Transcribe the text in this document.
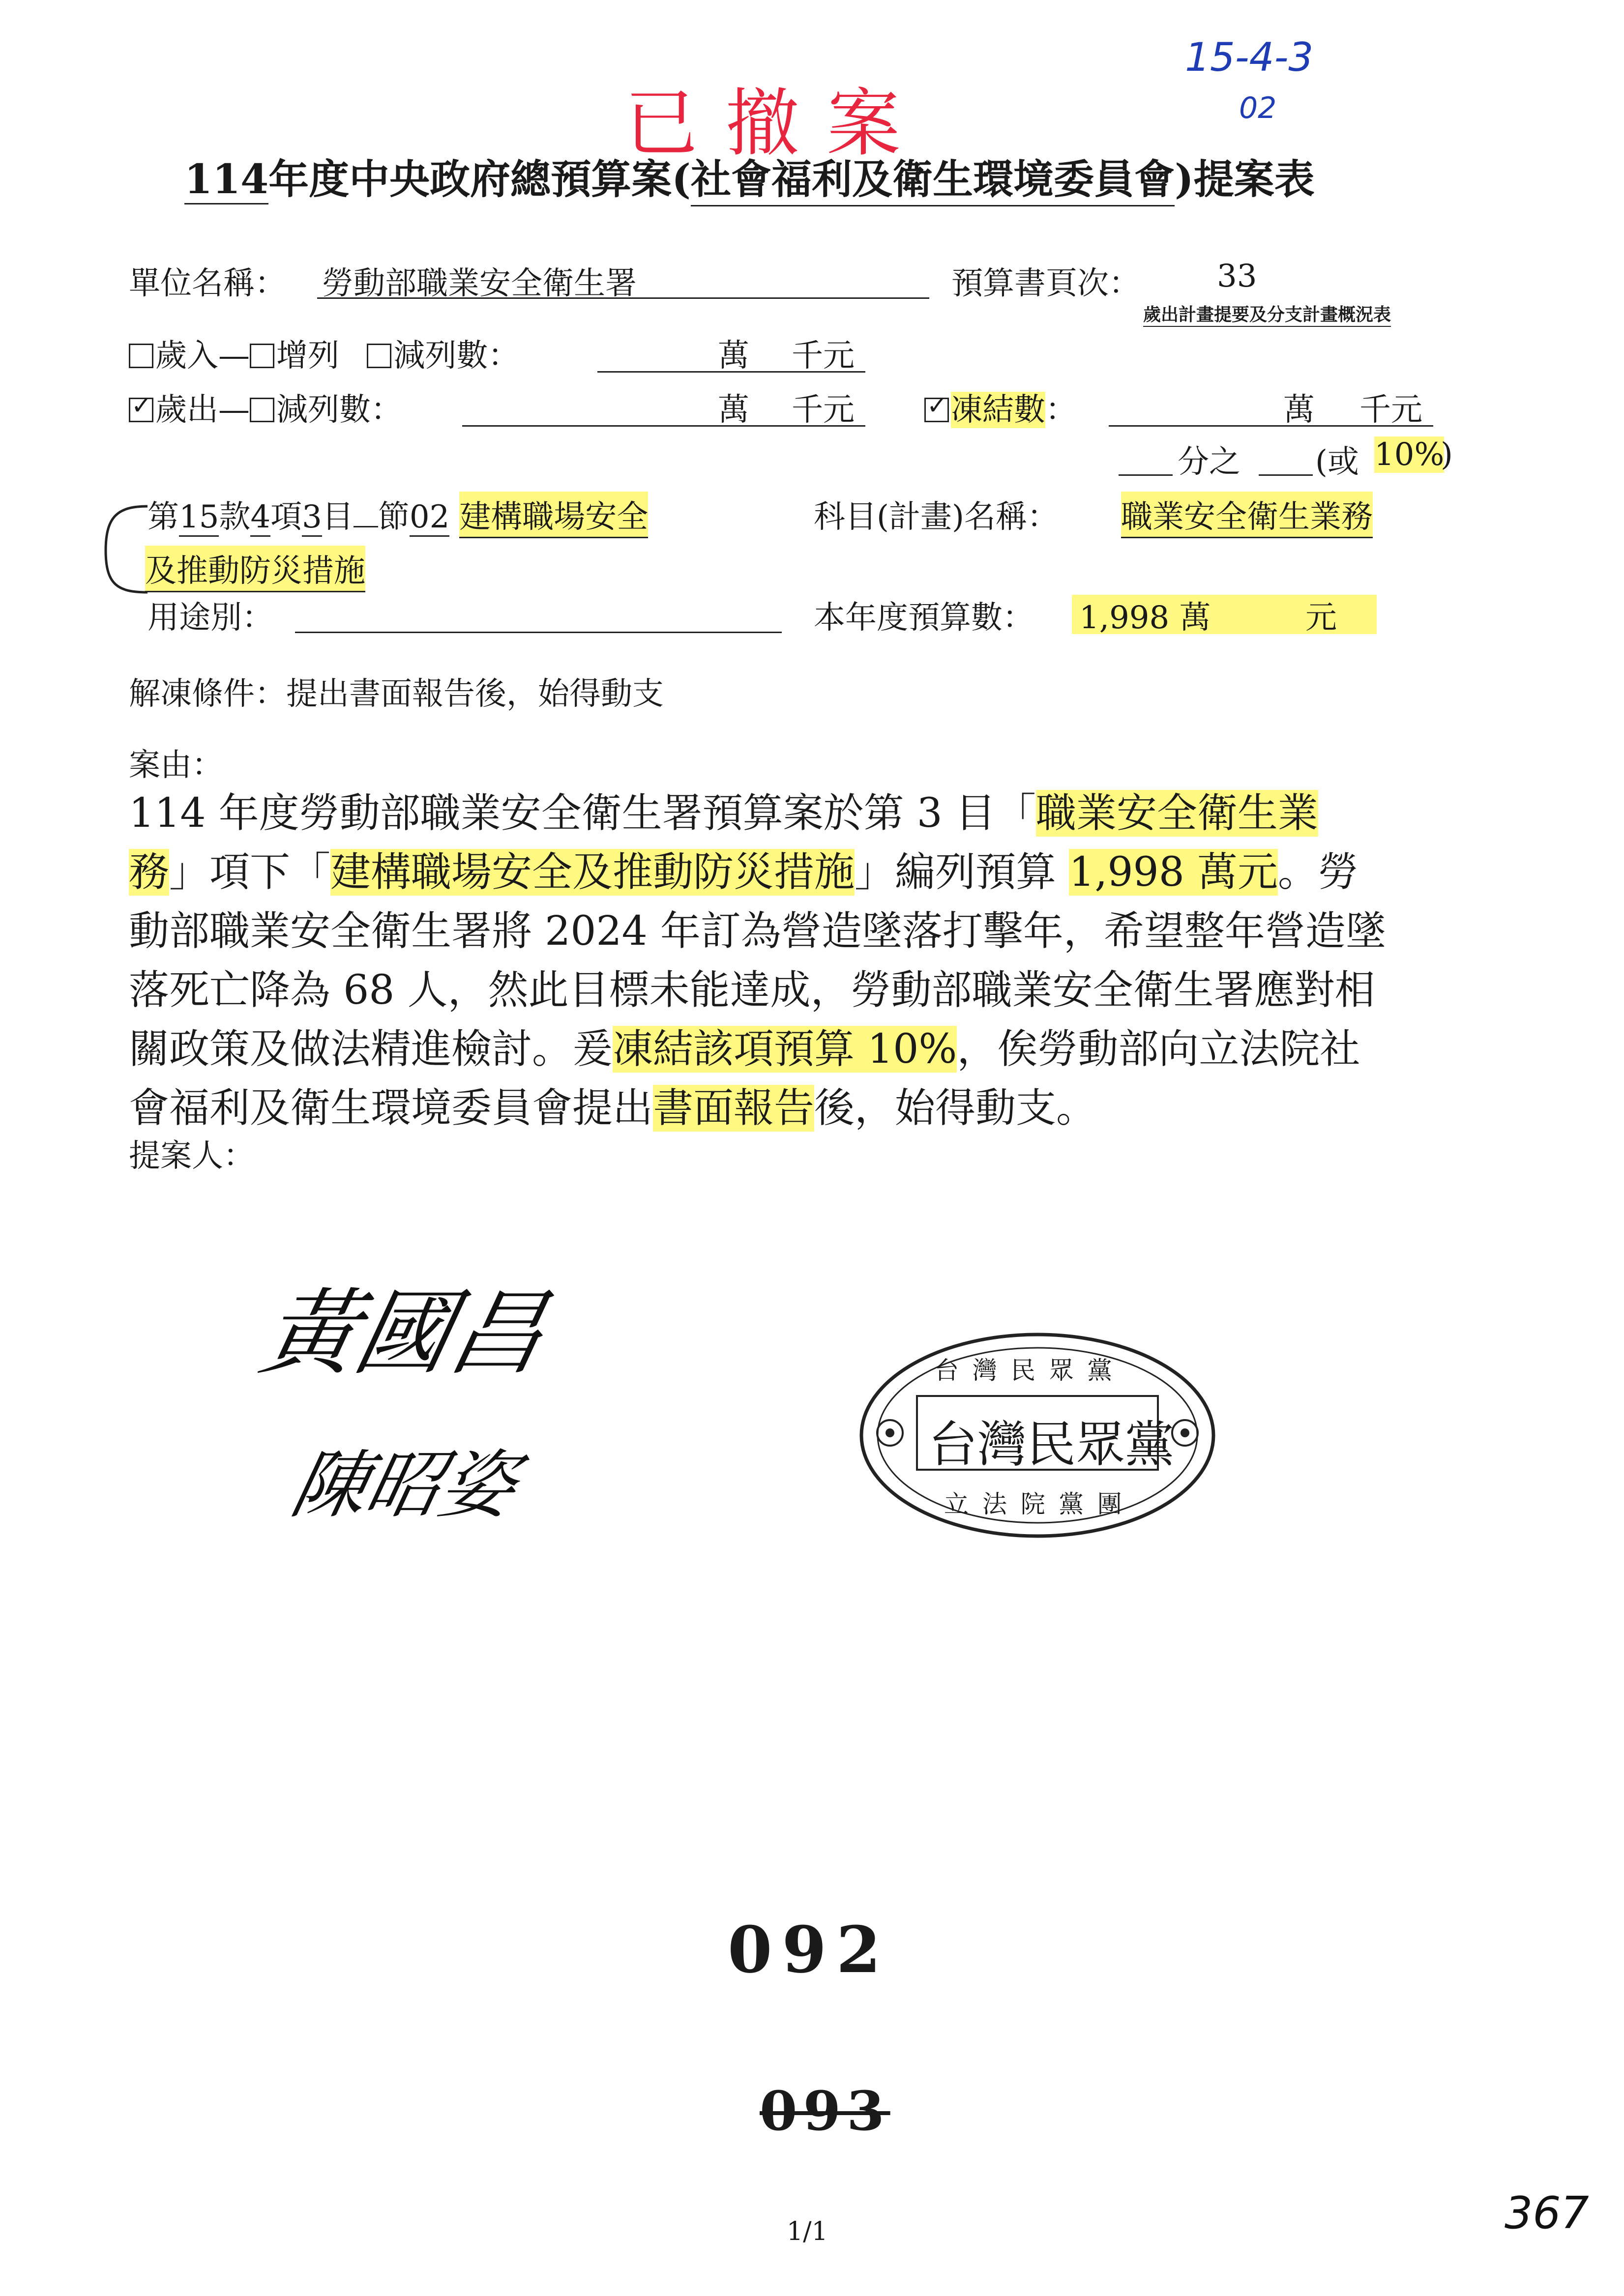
已 撤 案
15-4-3
02
114年度中央政府總預算案(社會福利及衛生環境委員會)提案表
單位名稱： 勞動部職業安全衛生署	預算書頁次： 33
歲出計畫提要及分支計畫概況表
歲入— 增列 減列數：	萬 千元
✓歲出— 減列數：	萬 千元
✓	凍結數：	萬 千元
分之 (或 10%
)
第15款4項3目 節02 建構職場安全	科目(計畫)名稱： 職業安全衛生業務
及推動防災措施
用途別：	本年度預算數： 1,998 萬	元
解凍條件：提出書面報告後，始得動支
案由：
114 年度勞動部職業安全衛生署預算案於第 3 目「職業安全衛生業
務」項下「建構職場安全及推動防災措施」編列預算 1,998 萬元。勞
動部職業安全衛生署將 2024 年訂為營造墜落打擊年，希望整年營造墜
落死亡降為 68 人，然此目標未能達成，勞動部職業安全衛生署應對相
關政策及做法精進檢討。爰凍結該項預算 10%，俟勞動部向立法院社
會福利及衛生環境委員會提出書面報告後，始得動支。
提案人：
黃國昌
陳昭姿
台 灣 民 眾 黨
台灣民眾黨
立 法 院 黨 團
092
093
1/1	367
